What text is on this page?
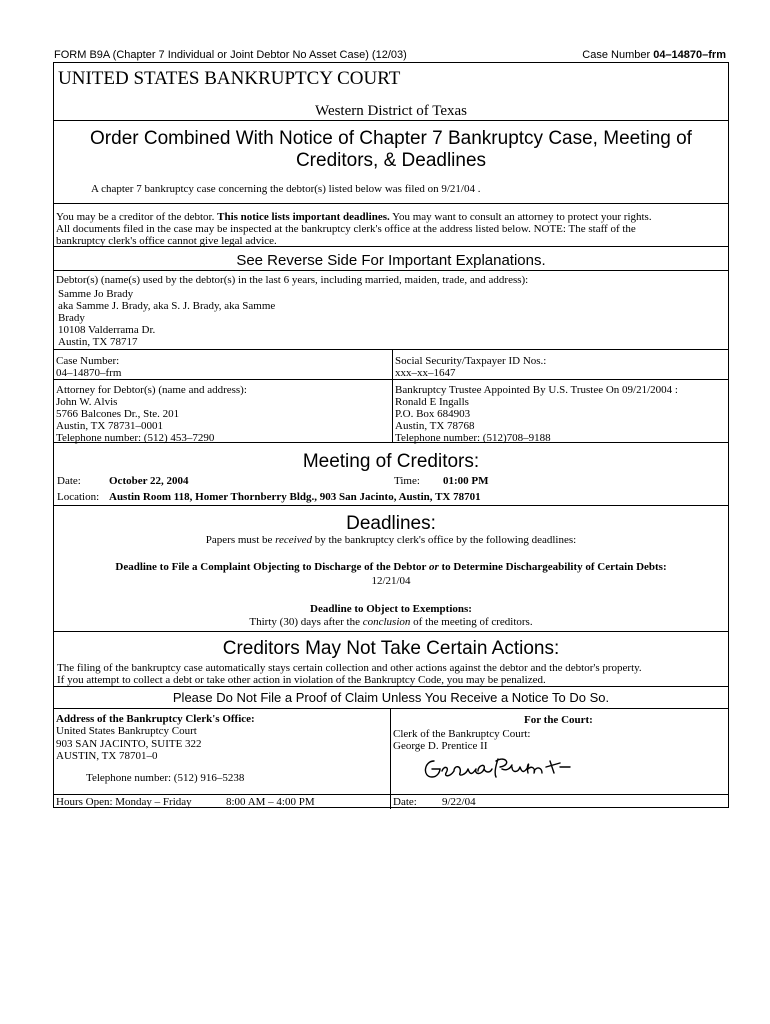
FORM B9A (Chapter 7 Individual or Joint Debtor No Asset Case) (12/03)	Case Number 04–14870–frm
UNITED STATES BANKRUPTCY COURT
Western District of Texas
Order Combined With Notice of Chapter 7 Bankruptcy Case, Meeting of
Creditors, & Deadlines
A chapter 7 bankruptcy case concerning the debtor(s) listed below was filed on 9/21/04 .
You may be a creditor of the debtor. This notice lists important deadlines. You may want to consult an attorney to protect your rights.
All documents filed in the case may be inspected at the bankruptcy clerk's office at the address listed below. NOTE: The staff of the
bankruptcy clerk's office cannot give legal advice.
See Reverse Side For Important Explanations.
Debtor(s) (name(s) used by the debtor(s) in the last 6 years, including married, maiden, trade, and address):
Samme Jo Brady
aka Samme J. Brady, aka S. J. Brady, aka Samme
Brady
10108 Valderrama Dr.
Austin, TX 78717
Case Number:
04–14870–frm
Social Security/Taxpayer ID Nos.:
xxx–xx–1647
Attorney for Debtor(s) (name and address):
John W. Alvis
5766 Balcones Dr., Ste. 201
Austin, TX 78731–0001
Telephone number: (512) 453–7290
Bankruptcy Trustee Appointed By U.S. Trustee On 09/21/2004 :
Ronald E Ingalls
P.O. Box 684903
Austin, TX 78768
Telephone number: (512)708–9188
Meeting of Creditors:
Date:	October 22, 2004	Time: 01:00 PM
Location: Austin Room 118, Homer Thornberry Bldg., 903 San Jacinto, Austin, TX 78701
Deadlines:
Papers must be received by the bankruptcy clerk's office by the following deadlines:
Deadline to File a Complaint Objecting to Discharge of the Debtor or to Determine Dischargeability of Certain Debts:
12/21/04
Deadline to Object to Exemptions:
Thirty (30) days after the conclusion of the meeting of creditors.
Creditors May Not Take Certain Actions:
The filing of the bankruptcy case automatically stays certain collection and other actions against the debtor and the debtor's property.
If you attempt to collect a debt or take other action in violation of the Bankruptcy Code, you may be penalized.
Please Do Not File a Proof of Claim Unless You Receive a Notice To Do So.
Address of the Bankruptcy Clerk's Office:
United States Bankruptcy Court
903 SAN JACINTO, SUITE 322
AUSTIN, TX 78701–0
Telephone number: (512) 916–5238
For the Court:
Clerk of the Bankruptcy Court:
George D. Prentice II
Hours Open: Monday – Friday	8:00 AM – 4:00 PM	Date: 9/22/04
